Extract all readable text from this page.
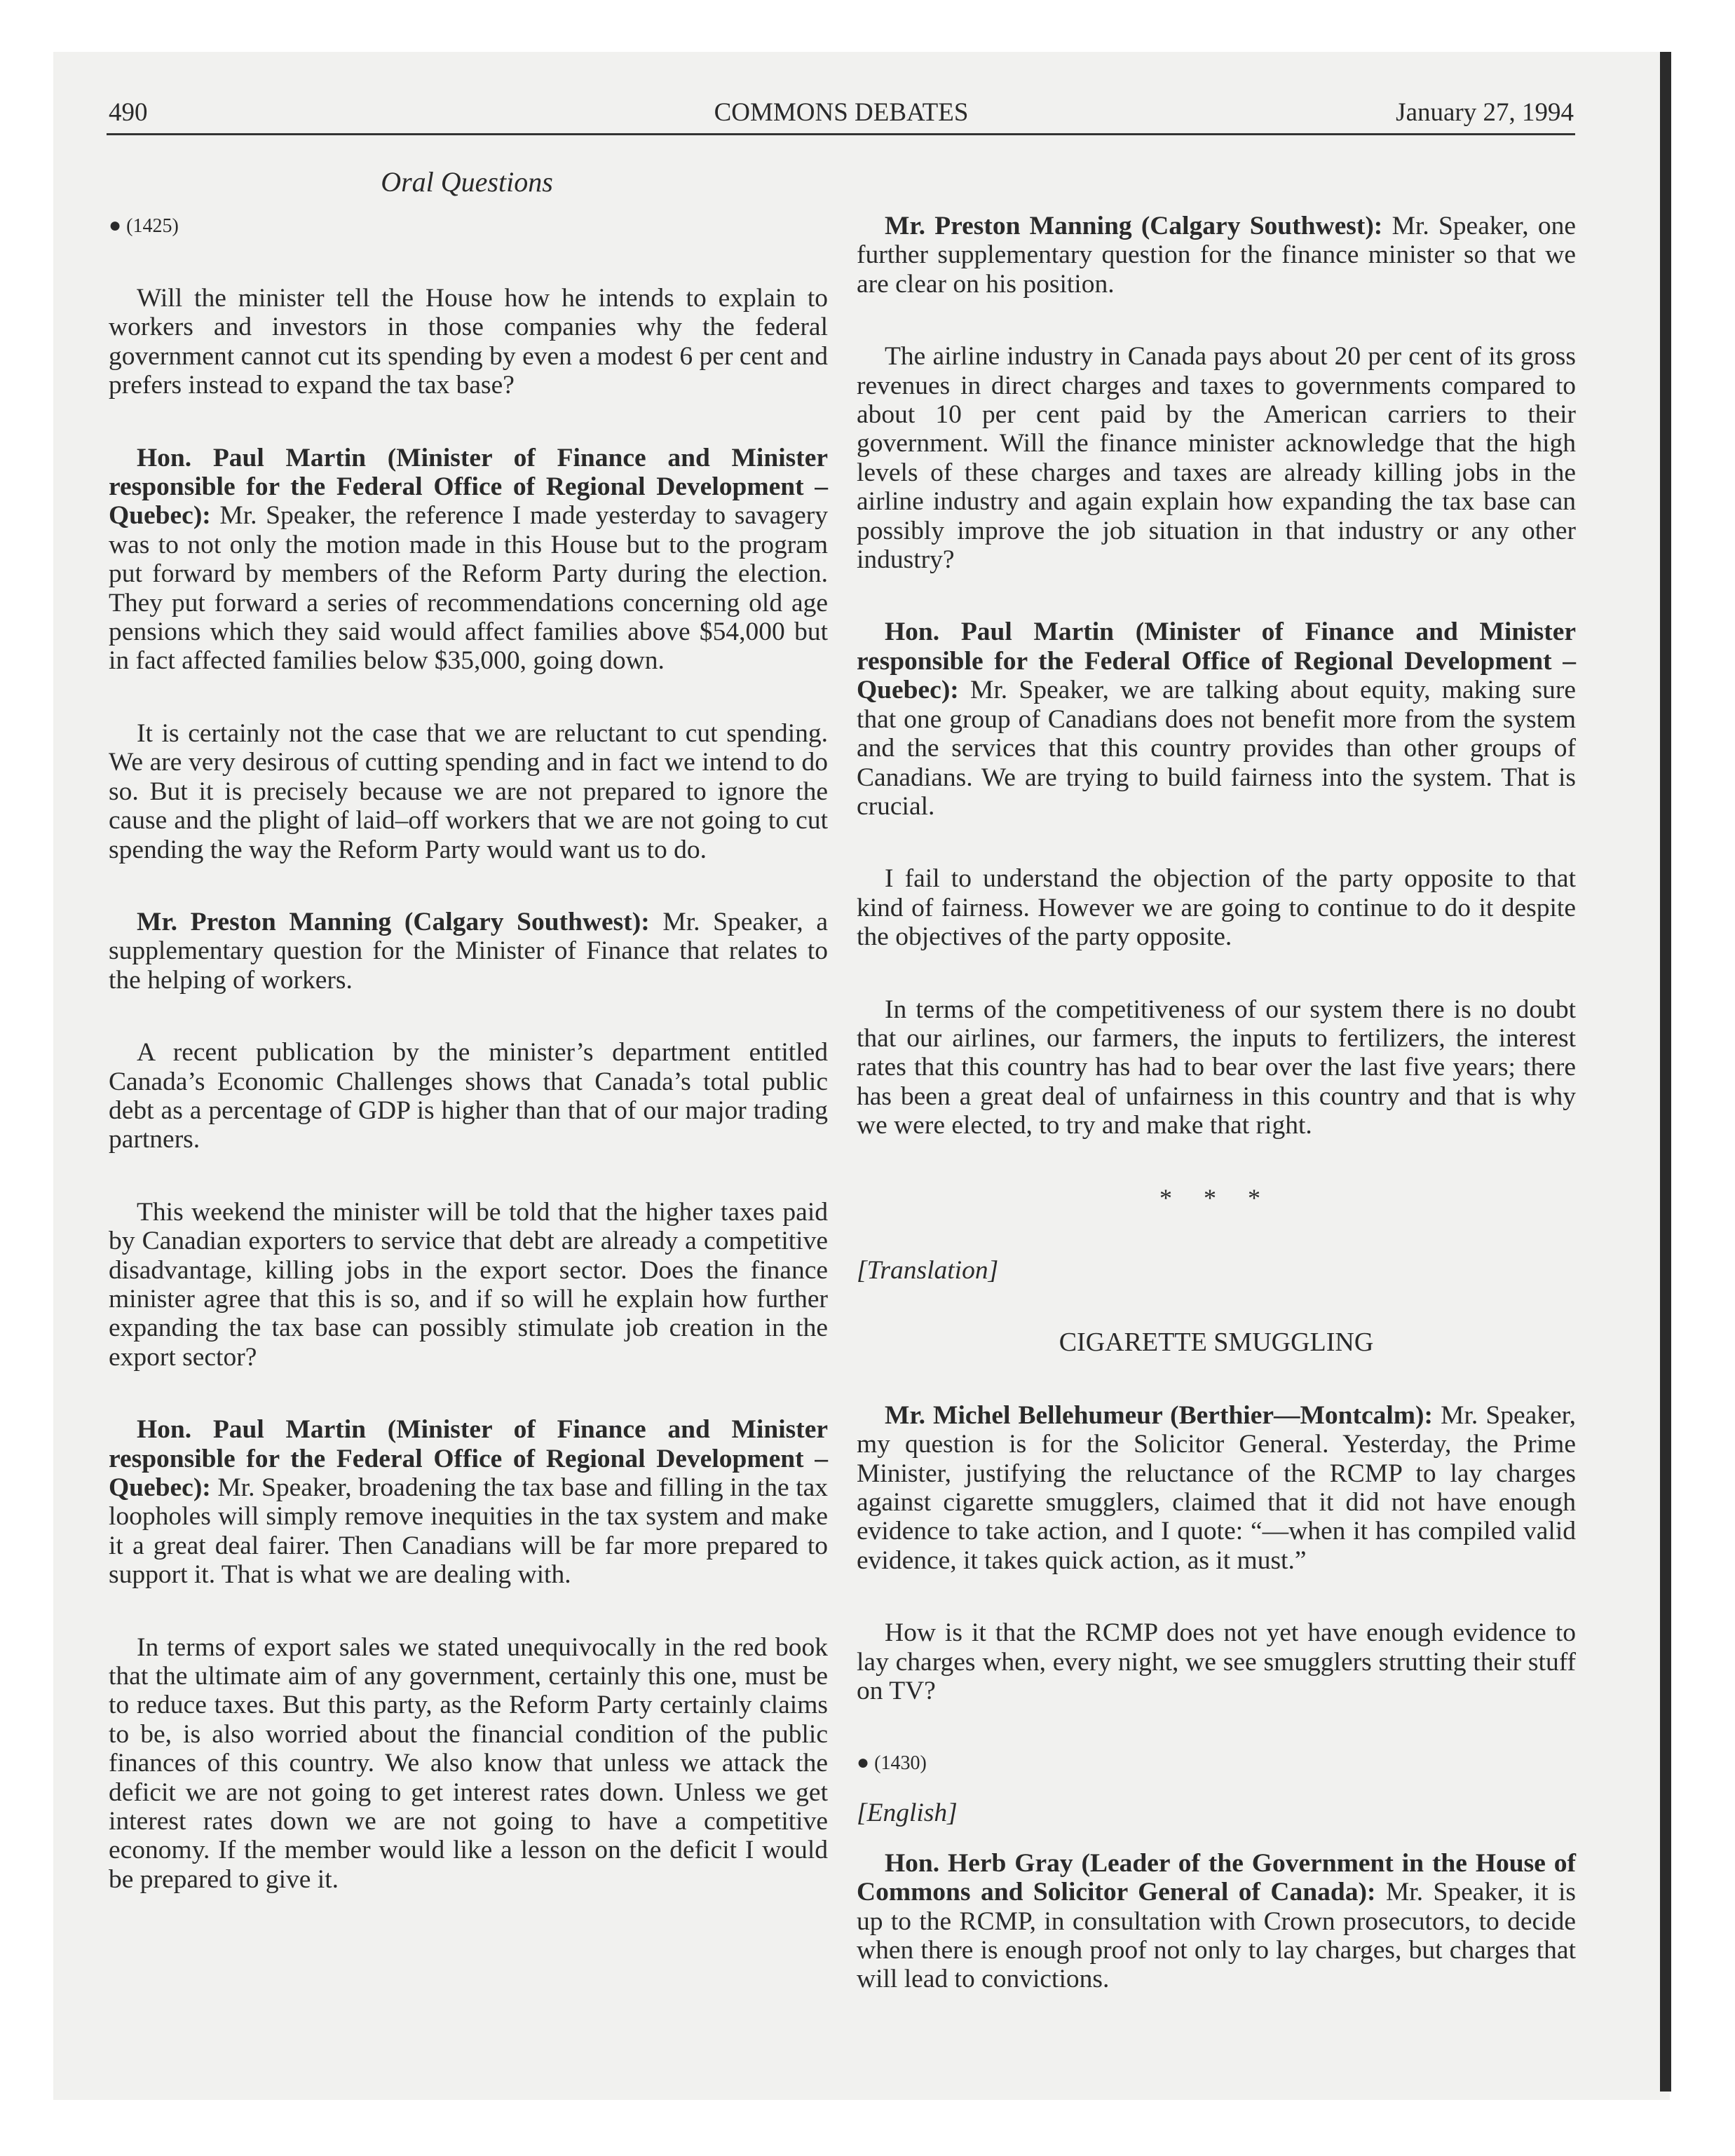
490	COMMONS DEBATES	January 27, 1994
Oral Questions

● (1425)

Will the minister tell the House how he intends to explain to workers and investors in those companies why the federal government cannot cut its spending by even a modest 6 per cent and prefers instead to expand the tax base?

Hon. Paul Martin (Minister of Finance and Minister responsible for the Federal Office of Regional Development –Quebec): Mr. Speaker, the reference I made yesterday to savagery was to not only the motion made in this House but to the program put forward by members of the Reform Party during the election. They put forward a series of recommendations concerning old age pensions which they said would affect families above $54,000 but in fact affected families below $35,000, going down.

It is certainly not the case that we are reluctant to cut spending. We are very desirous of cutting spending and in fact we intend to do so. But it is precisely because we are not prepared to ignore the cause and the plight of laid–off workers that we are not going to cut spending the way the Reform Party would want us to do.

Mr. Preston Manning (Calgary Southwest): Mr. Speaker, a supplementary question for the Minister of Finance that relates to the helping of workers.

A recent publication by the minister’s department entitled Canada’s Economic Challenges shows that Canada’s total public debt as a percentage of GDP is higher than that of our major trading partners.

This weekend the minister will be told that the higher taxes paid by Canadian exporters to service that debt are already a competitive disadvantage, killing jobs in the export sector. Does the finance minister agree that this is so, and if so will he explain how further expanding the tax base can possibly stimulate job creation in the export sector?

Hon. Paul Martin (Minister of Finance and Minister responsible for the Federal Office of Regional Development –Quebec): Mr. Speaker, broadening the tax base and filling in the tax loopholes will simply remove inequities in the tax system and make it a great deal fairer. Then Canadians will be far more prepared to support it. That is what we are dealing with.

In terms of export sales we stated unequivocally in the red book that the ultimate aim of any government, certainly this one, must be to reduce taxes. But this party, as the Reform Party certainly claims to be, is also worried about the financial condition of the public finances of this country. We also know that unless we attack the deficit we are not going to get interest rates down. Unless we get interest rates down we are not going to have a competitive economy. If the member would like a lesson on the deficit I would be prepared to give it.

Mr. Preston Manning (Calgary Southwest): Mr. Speaker, one further supplementary question for the finance minister so that we are clear on his position.

The airline industry in Canada pays about 20 per cent of its gross revenues in direct charges and taxes to governments compared to about 10 per cent paid by the American carriers to their government. Will the finance minister acknowledge that the high levels of these charges and taxes are already killing jobs in the airline industry and again explain how expanding the tax base can possibly improve the job situation in that industry or any other industry?

Hon. Paul Martin (Minister of Finance and Minister responsible for the Federal Office of Regional Development –Quebec): Mr. Speaker, we are talking about equity, making sure that one group of Canadians does not benefit more from the system and the services that this country provides than other groups of Canadians. We are trying to build fairness into the system. That is crucial.

I fail to understand the objection of the party opposite to that kind of fairness. However we are going to continue to do it despite the objectives of the party opposite.

In terms of the competitiveness of our system there is no doubt that our airlines, our farmers, the inputs to fertilizers, the interest rates that this country has had to bear over the last five years; there has been a great deal of unfairness in this country and that is why we were elected, to try and make that right.

* * *

[Translation]

CIGARETTE SMUGGLING

Mr. Michel Bellehumeur (Berthier—Montcalm): Mr. Speaker, my question is for the Solicitor General. Yesterday, the Prime Minister, justifying the reluctance of the RCMP to lay charges against cigarette smugglers, claimed that it did not have enough evidence to take action, and I quote: “—when it has compiled valid evidence, it takes quick action, as it must.”

How is it that the RCMP does not yet have enough evidence to lay charges when, every night, we see smugglers strutting their stuff on TV?

● (1430)

[English]

Hon. Herb Gray (Leader of the Government in the House of Commons and Solicitor General of Canada): Mr. Speaker, it is up to the RCMP, in consultation with Crown prosecutors, to decide when there is enough proof not only to lay charges, but charges that will lead to convictions.
